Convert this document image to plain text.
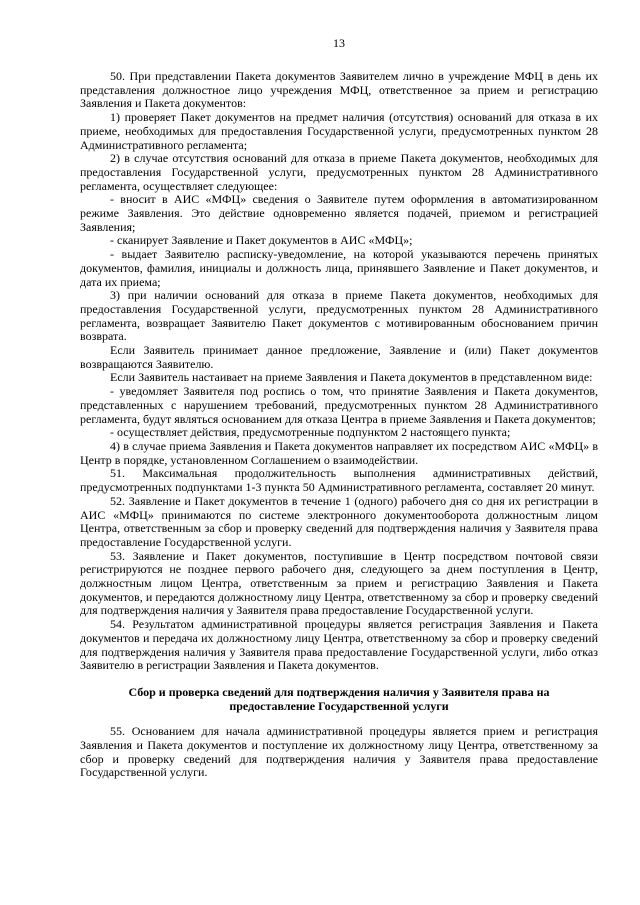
13

50. При представлении Пакета документов Заявителем лично в учреждение МФЦ в день их представления должностное лицо учреждения МФЦ, ответственное за прием и регистрацию Заявления и Пакета документов:

1) проверяет Пакет документов на предмет наличия (отсутствия) оснований для отказа в их приеме, необходимых для предоставления Государственной услуги, предусмотренных пунктом 28 Административного регламента;

2) в случае отсутствия оснований для отказа в приеме Пакета документов, необходимых для предоставления Государственной услуги, предусмотренных пунктом 28 Административного регламента, осуществляет следующее:

- вносит в АИС «МФЦ» сведения о Заявителе путем оформления в автоматизированном режиме Заявления. Это действие одновременно является подачей, приемом и регистрацией Заявления;

- сканирует Заявление и Пакет документов в АИС «МФЦ»;

- выдает Заявителю расписку-уведомление, на которой указываются перечень принятых документов, фамилия, инициалы и должность лица, принявшего Заявление и Пакет документов, и дата их приема;

3) при наличии оснований для отказа в приеме Пакета документов, необходимых для предоставления Государственной услуги, предусмотренных пунктом 28 Административного регламента, возвращает Заявителю Пакет документов с мотивированным обоснованием причин возврата.

Если Заявитель принимает данное предложение, Заявление и (или) Пакет документов возвращаются Заявителю.

Если Заявитель настаивает на приеме Заявления и Пакета документов в представленном виде:

- уведомляет Заявителя под роспись о том, что принятие Заявления и Пакета документов, представленных с нарушением требований, предусмотренных пунктом 28 Административного регламента, будут являться основанием для отказа Центра в приеме Заявления и Пакета документов;

- осуществляет действия, предусмотренные подпунктом 2 настоящего пункта;

4) в случае приема Заявления и Пакета документов направляет их посредством АИС «МФЦ» в Центр в порядке, установленном Соглашением о взаимодействии.

51. Максимальная продолжительность выполнения административных действий, предусмотренных подпунктами 1-3 пункта 50 Административного регламента, составляет 20 минут.

52. Заявление и Пакет документов в течение 1 (одного) рабочего дня со дня их регистрации в АИС «МФЦ» принимаются по системе электронного документооборота должностным лицом Центра, ответственным за сбор и проверку сведений для подтверждения наличия у Заявителя права предоставление Государственной услуги.

53. Заявление и Пакет документов, поступившие в Центр посредством почтовой связи регистрируются не позднее первого рабочего дня, следующего за днем поступления в Центр, должностным лицом Центра, ответственным за прием и регистрацию Заявления и Пакета документов, и передаются должностному лицу Центра, ответственному за сбор и проверку сведений для подтверждения наличия у Заявителя права предоставление Государственной услуги.

54. Результатом административной процедуры является регистрация Заявления и Пакета документов и передача их должностному лицу Центра, ответственному за сбор и проверку сведений для подтверждения наличия у Заявителя права предоставление Государственной услуги, либо отказ Заявителю в регистрации Заявления и Пакета документов.

Сбор и проверка сведений для подтверждения наличия у Заявителя права на
предоставление Государственной услуги

55. Основанием для начала административной процедуры является прием и регистрация Заявления и Пакета документов и поступление их должностному лицу Центра, ответственному за сбор и проверку сведений для подтверждения наличия у Заявителя права предоставление Государственной услуги.
